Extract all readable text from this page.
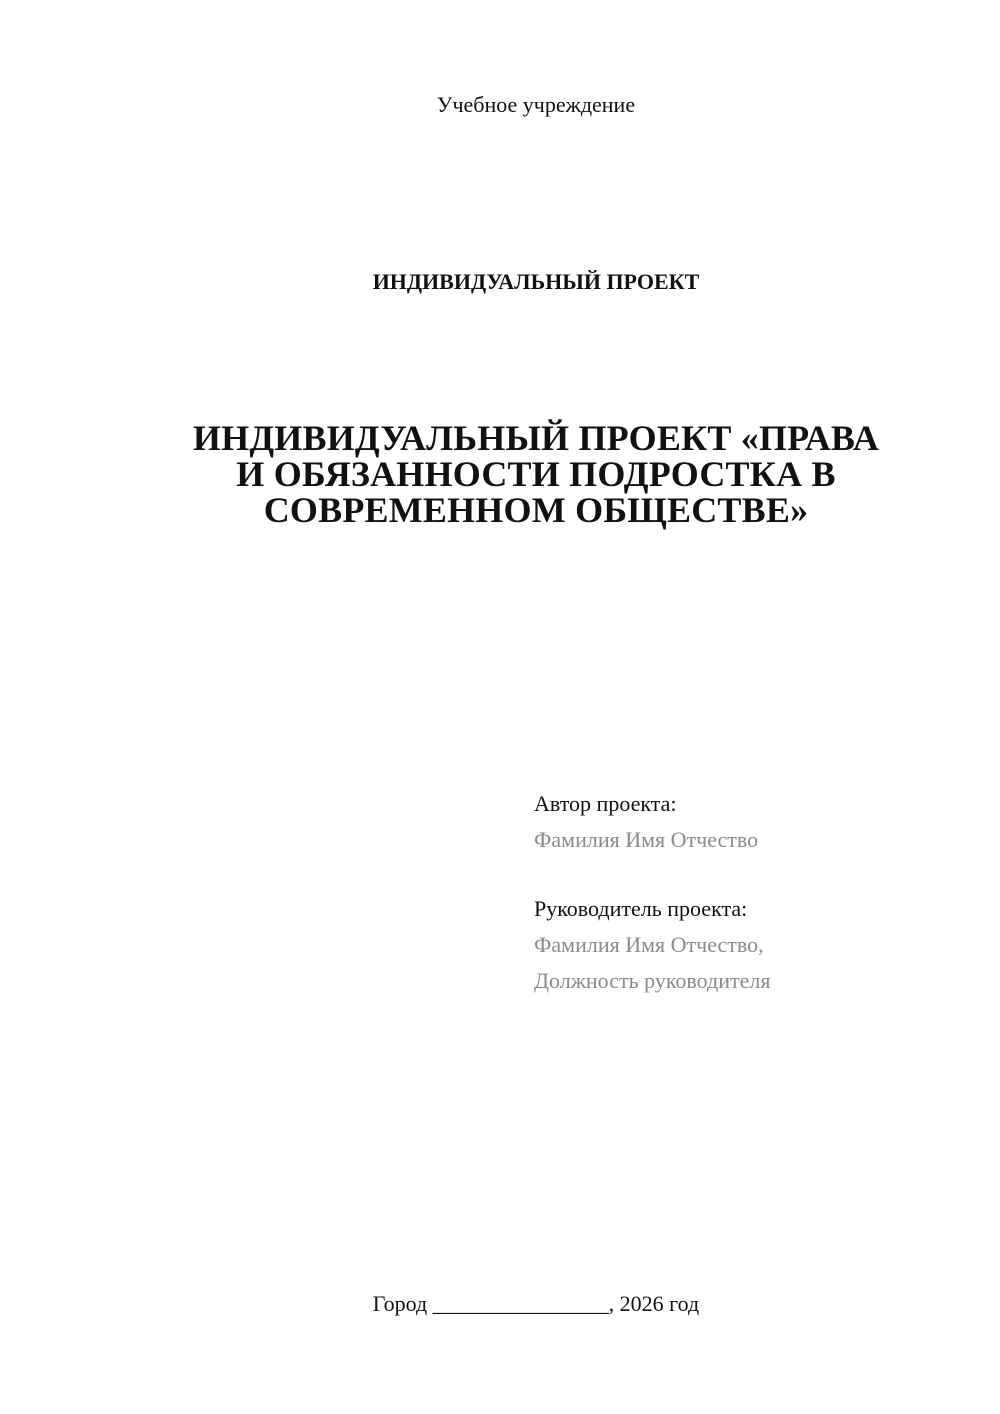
Учебное учреждение
ИНДИВИДУАЛЬНЫЙ ПРОЕКТ
ИНДИВИДУАЛЬНЫЙ ПРОЕКТ «ПРАВА
И ОБЯЗАННОСТИ ПОДРОСТКА В
СОВРЕМЕННОМ ОБЩЕСТВЕ»
Автор проекта:
Фамилия Имя Отчество
Руководитель проекта:
Фамилия Имя Отчество,
Должность руководителя
Город ________________, 2026 год
